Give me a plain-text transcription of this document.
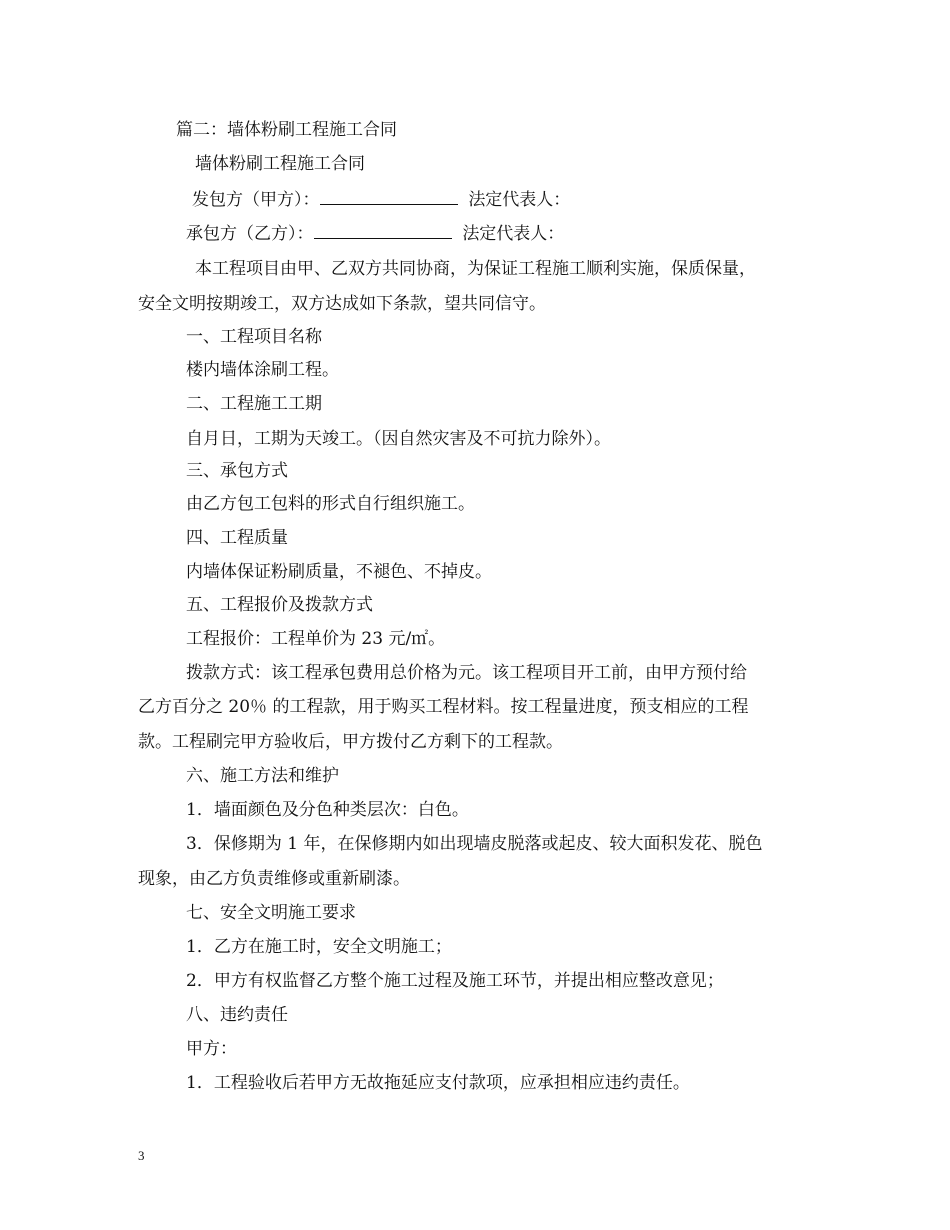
篇二：墙体粉刷工程施工合同
墙体粉刷工程施工合同
发包方（甲方）：	法定代表人：
承包方（乙方）：	法定代表人：
本工程项目由甲、乙双方共同协商，为保证工程施工顺利实施，保质保量，
安全文明按期竣工，双方达成如下条款，望共同信守。
一、工程项目名称
楼内墙体涂刷工程。
二、工程施工工期
自月日，工期为天竣工。（因自然灾害及不可抗力除外）。
三、承包方式
由乙方包工包料的形式自行组织施工。
四、工程质量
内墙体保证粉刷质量，不褪色、不掉皮。
五、工程报价及拨款方式
工程报价：工程单价为 23 元/㎡。
拨款方式：该工程承包费用总价格为元。该工程项目开工前，由甲方预付给
乙方百分之 20％ 的工程款，用于购买工程材料。按工程量进度，预支相应的工程
款。工程刷完甲方验收后，甲方拨付乙方剩下的工程款。
六、施工方法和维护
1．墙面颜色及分色种类层次：白色。
3．保修期为 1 年，在保修期内如出现墙皮脱落或起皮、较大面积发花、脱色
现象，由乙方负责维修或重新刷漆。
七、安全文明施工要求
1．乙方在施工时，安全文明施工；
2．甲方有权监督乙方整个施工过程及施工环节，并提出相应整改意见；
八、违约责任
甲方：
1．工程验收后若甲方无故拖延应支付款项，应承担相应违约责任。
3
